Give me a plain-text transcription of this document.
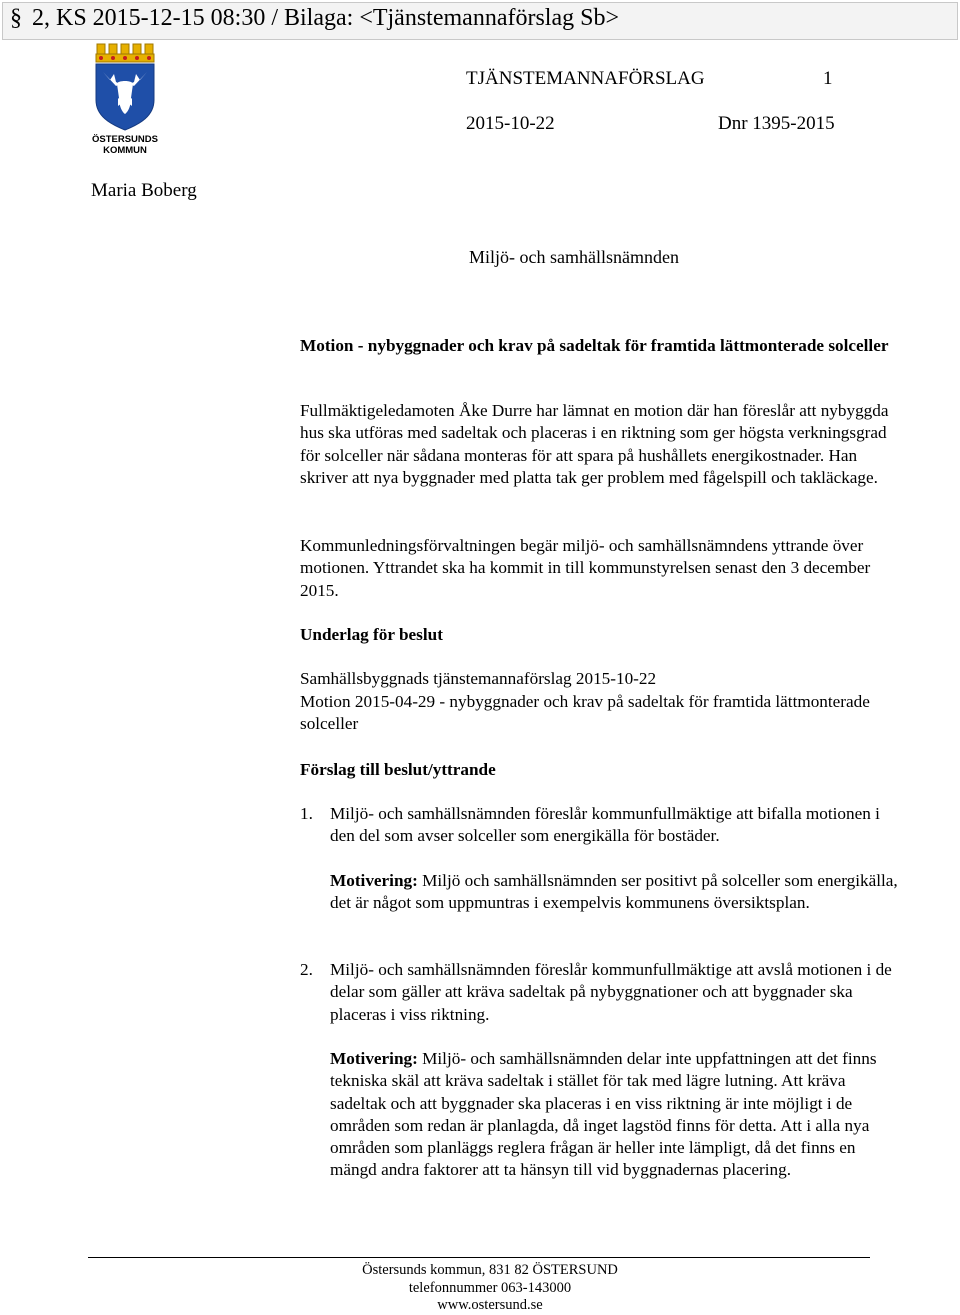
§ 2, KS 2015-12-15 08:30 / Bilaga: <Tjänstemannaförslag Sb>
ÖSTERSUNDS
KOMMUN
TJÄNSTEMANNAFÖRSLAG	1
2015-10-22	Dnr 1395-2015
Maria Boberg
Miljö- och samhällsnämnden
Motion - nybyggnader och krav på sadeltak för framtida lättmonterade solceller
Fullmäktigeledamoten Åke Durre har lämnat en motion där han föreslår att nybyggda hus ska utföras med sadeltak och placeras i en riktning som ger högsta verkningsgrad för solceller när sådana monteras för att spara på hushållets energikostnader. Han skriver att nya byggnader med platta tak ger problem med fågelspill och takläckage.
Kommunledningsförvaltningen begär miljö- och samhällsnämndens yttrande över motionen. Yttrandet ska ha kommit in till kommunstyrelsen senast den 3 december 2015.
Underlag för beslut
Samhällsbyggnads tjänstemannaförslag 2015-10-22
Motion 2015-04-29 - nybyggnader och krav på sadeltak för framtida lättmonterade solceller
Förslag till beslut/yttrande
1. Miljö- och samhällsnämnden föreslår kommunfullmäktige att bifalla motionen i den del som avser solceller som energikälla för bostäder.
Motivering: Miljö och samhällsnämnden ser positivt på solceller som energikälla, det är något som uppmuntras i exempelvis kommunens översiktsplan.
2. Miljö- och samhällsnämnden föreslår kommunfullmäktige att avslå motionen i de delar som gäller att kräva sadeltak på nybyggnationer och att byggnader ska placeras i viss riktning.
Motivering: Miljö- och samhällsnämnden delar inte uppfattningen att det finns tekniska skäl att kräva sadeltak i stället för tak med lägre lutning. Att kräva sadeltak och att byggnader ska placeras i en viss riktning är inte möjligt i de områden som redan är planlagda, då inget lagstöd finns för detta. Att i alla nya områden som planläggs reglera frågan är heller inte lämpligt, då det finns en mängd andra faktorer att ta hänsyn till vid byggnadernas placering.
Östersunds kommun, 831 82 ÖSTERSUND
telefonnummer 063-143000
www.ostersund.se
